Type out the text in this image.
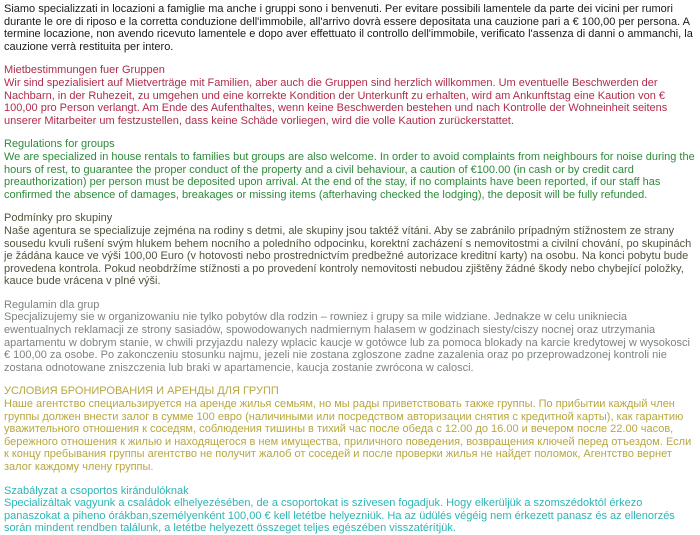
Siamo specializzati in locazioni a famiglie ma anche i gruppi sono i benvenuti. Per evitare possibili lamentele da parte dei vicini per rumori durante le ore di riposo e la corretta conduzione dell'immobile, all'arrivo dovrà essere depositata una cauzione pari a € 100,00 per persona. A termine locazione, non avendo ricevuto lamentele e dopo aver effettuato il controllo dell'immobile, verificato l'assenza di danni o ammanchi, la cauzione verrà restituita per intero.
Mietbestimmungen fuer Gruppen
Wir sind spezialisiert auf Mietverträge mit Familien, aber auch die Gruppen sind herzlich willkommen. Um eventuelle Beschwerden der Nachbarn, in der Ruhezeit, zu umgehen und eine korrekte Kondition der Unterkunft zu erhalten, wird am Ankunftstag eine Kaution von € 100,00 pro Person verlangt. Am Ende des Aufenthaltes, wenn keine Beschwerden bestehen und nach Kontrolle der Wohneinheit seitens unserer Mitarbeiter um festzustellen, dass keine Schäde vorliegen, wird die volle Kaution zurückerstattet.
Regulations for groups
We are specialized in house rentals to families but groups are also welcome. In order to avoid complaints from neighbours for noise during the hours of rest, to guarantee the proper conduct of the property and a civil behaviour, a caution of €100.00 (in cash or by credit card preauthorization) per person must be deposited upon arrival. At the end of the stay, if no complaints have been reported, if our staff has confirmed the absence of damages, breakages or missing items (afterhaving checked the lodging), the deposit will be fully refunded.
Podmínky pro skupiny
Naše agentura se specializuje zejména na rodiny s detmi, ale skupiny jsou taktéž vítáni. Aby se zabránilo prípadným stížnostem ze strany sousedu kvuli rušení svým hlukem behem nocního a poledního odpocinku, korektní zacházení s nemovitostmi a civilní chování, po skupinách je žádána kauce ve výši 100,00 Euro (v hotovosti nebo prostrednictvím predbežné autorizace kreditní karty) na osobu. Na konci pobytu bude provedena kontrola. Pokud neobdržíme stížnosti a po provedení kontroly nemovitosti nebudou zjištěny žádné škody nebo chybející položky, kauce bude vrácena v plné výši.
Regulamin dla grup
Specjalizujemy sie w organizowaniu nie tylko pobytów dla rodzin – rowniez i grupy sa mile widziane. Jednakze w celu unikniecia ewentualnych reklamacji ze strony sasiadów, spowodowanych nadmiernym halasem w godzinach siesty/ciszy nocnej oraz utrzymania apartamentu w dobrym stanie, w chwili przyjazdu nalezy wplacic kaucje w gotówce lub za pomoca blokady na karcie kredytowej w wysokosci € 100,00 za osobe. Po zakonczeniu stosunku najmu, jezeli nie zostana zgloszone zadne zazalenia oraz po przeprowadzonej kontroli nie zostana odnotowane zniszczenia lub braki w apartamencie, kaucja zostanie zwrócona w calosci.
УСЛОВИЯ БРОНИРОВАНИЯ И АРЕНДЫ ДЛЯ ГРУПП
Наше агентство специальзируется на аренде жилья семьям, но мы рады приветствовать также группы. По прибытии каждый член группы должен внести залог в сумме 100 евро (наличиными или посредством авторизации снятия с кредитной карты), как гарантию уважительного отношения к соседям, соблюдения тишины в тихий час после обеда с 12.00 до 16.00 и вечером после 22.00 часов, бережного отношения к жилью и находящегося в нем имущества, приличного поведения, возвращения ключей перед отъездом. Если к концу пребывания группы агентство не получит жалоб от соседей и после проверки жилья не найдет поломок, Агентство вернет залог каждому члену группы.
Szabályzat a csoportos kirándulóknak
Specializáltak vagyunk a családok elhelyezésében, de a csoportokat is szívesen fogadjuk. Hogy elkerüljük a szomszédoktól érkezo panaszokat a piheno órákban,személyenként 100,00 € kell letétbe helyezniük. Ha az üdülés végéig nem érkezett panasz és az ellenorzés során mindent rendben találunk, a letétbe helyezett összeget teljes egészében visszatérítjük.
